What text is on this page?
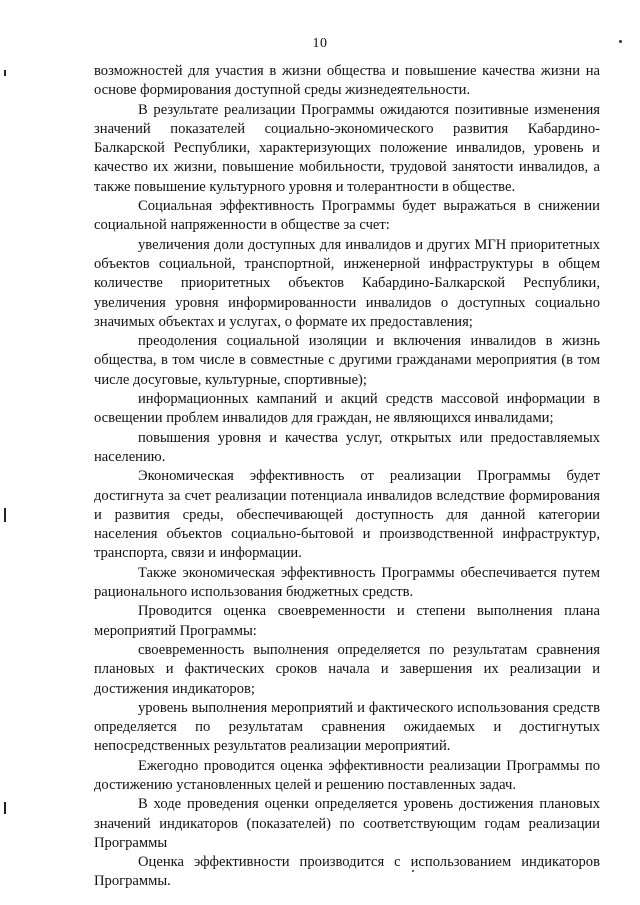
10

возможностей для участия в жизни общества и повышение качества жизни на основе формирования доступной среды жизнедеятельности.

В результате реализации Программы ожидаются позитивные изменения значений показателей социально-экономического развития Кабардино-Балкарской Республики, характеризующих положение инвалидов, уровень и качество их жизни, повышение мобильности, трудовой занятости инвалидов, а также повышение культурного уровня и толерантности в обществе.

Социальная эффективность Программы будет выражаться в снижении социальной напряженности в обществе за счет:

увеличения доли доступных для инвалидов и других МГН приоритетных объектов социальной, транспортной, инженерной инфраструктуры в общем количестве приоритетных объектов Кабардино-Балкарской Республики, увеличения уровня информированности инвалидов о доступных социально значимых объектах и услугах, о формате их предоставления;

преодоления социальной изоляции и включения инвалидов в жизнь общества, в том числе в совместные с другими гражданами мероприятия (в том числе досуговые, культурные, спортивные);

информационных кампаний и акций средств массовой информации в освещении проблем инвалидов для граждан, не являющихся инвалидами;

повышения уровня и качества услуг, открытых или предоставляемых населению.

Экономическая эффективность от реализации Программы будет достигнута за счет реализации потенциала инвалидов вследствие формирования и развития среды, обеспечивающей доступность для данной категории населения объектов социально-бытовой и производственной инфраструктур, транспорта, связи и информации.

Также экономическая эффективность Программы обеспечивается путем рационального использования бюджетных средств.

Проводится оценка своевременности и степени выполнения плана мероприятий Программы:

своевременность выполнения определяется по результатам сравнения плановых и фактических сроков начала и завершения их реализации и достижения индикаторов;

уровень выполнения мероприятий и фактического использования средств определяется по результатам сравнения ожидаемых и достигнутых непосредственных результатов реализации мероприятий.

Ежегодно проводится оценка эффективности реализации Программы по достижению установленных целей и решению поставленных задач.

В ходе проведения оценки определяется уровень достижения плановых значений индикаторов (показателей) по соответствующим годам реализации Программы

Оценка эффективности производится с использованием индикаторов Программы.
